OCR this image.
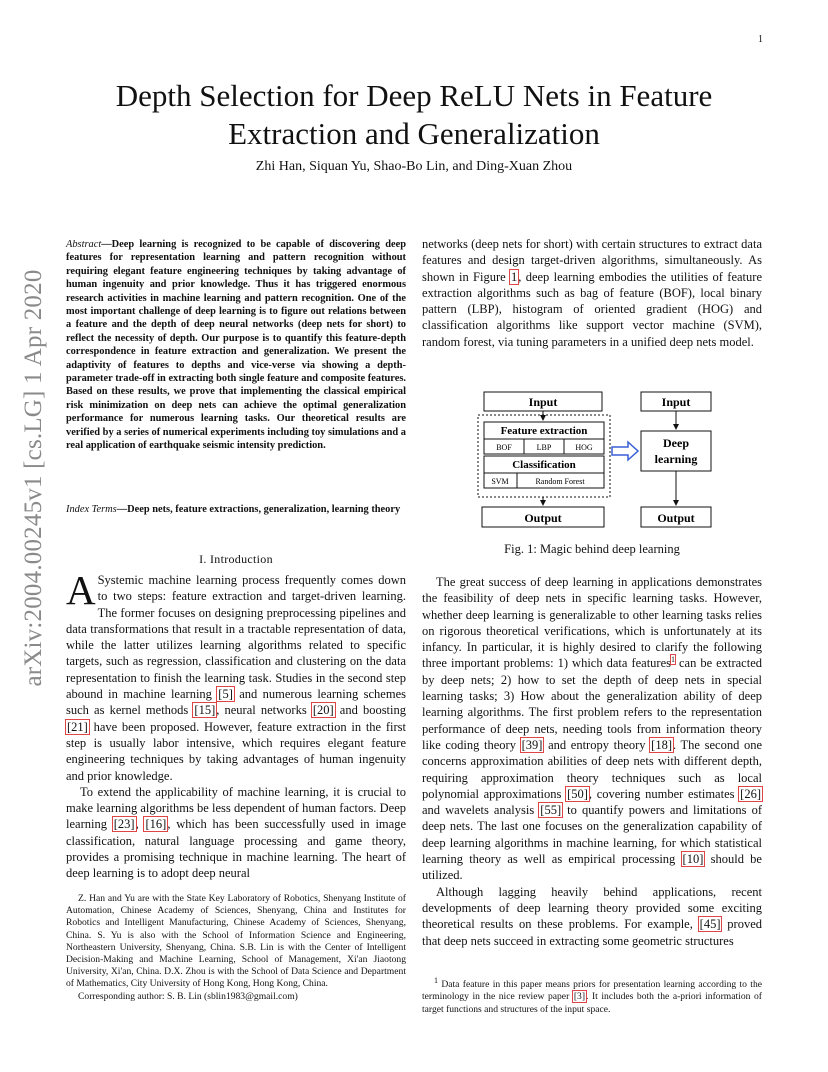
1
arXiv:2004.00245v1 [cs.LG] 1 Apr 2020
Depth Selection for Deep ReLU Nets in Feature Extraction and Generalization
Zhi Han, Siquan Yu, Shao-Bo Lin, and Ding-Xuan Zhou
Abstract—Deep learning is recognized to be capable of discovering deep features for representation learning and pattern recognition without requiring elegant feature engineering techniques by taking advantage of human ingenuity and prior knowledge. Thus it has triggered enormous research activities in machine learning and pattern recognition. One of the most important challenge of deep learning is to figure out relations between a feature and the depth of deep neural networks (deep nets for short) to reflect the necessity of depth. Our purpose is to quantify this feature-depth correspondence in feature extraction and generalization. We present the adaptivity of features to depths and vice-verse via showing a depth-parameter trade-off in extracting both single feature and composite features. Based on these results, we prove that implementing the classical empirical risk minimization on deep nets can achieve the optimal generalization performance for numerous learning tasks. Our theoretical results are verified by a series of numerical experiments including toy simulations and a real application of earthquake seismic intensity prediction.
Index Terms—Deep nets, feature extractions, generalization, learning theory
I. Introduction

A Systemic machine learning process frequently comes down to two steps: feature extraction and target-driven learning. The former focuses on designing preprocessing pipelines and data transformations that result in a tractable representation of data, while the latter utilizes learning algorithms related to specific targets, such as regression, classification and clustering on the data representation to finish the learning task. Studies in the second step abound in machine learning [5] and numerous learning schemes such as kernel methods [15], neural networks [20] and boosting [21] have been proposed. However, feature extraction in the first step is usually labor intensive, which requires elegant feature engineering techniques by taking advantages of human ingenuity and prior knowledge.

To extend the applicability of machine learning, it is crucial to make learning algorithms be less dependent of human factors. Deep learning [23], [16], which has been successfully used in image classification, natural language processing and game theory, provides a promising technique in machine learning. The heart of deep learning is to adopt deep neural

Z. Han and Yu are with the State Key Laboratory of Robotics, Shenyang Institute of Automation, Chinese Academy of Sciences, Shenyang, China and Institutes for Robotics and Intelligent Manufacturing, Chinese Academy of Sciences, Shenyang, China. S. Yu is also with the School of Information Science and Engineering, Northeastern University, Shenyang, China. S.B. Lin is with the Center of Intelligent Decision-Making and Machine Learning, School of Management, Xi'an Jiaotong University, Xi'an, China. D.X. Zhou is with the School of Data Science and Department of Mathematics, City University of Hong Kong, Hong Kong, China.

Corresponding author: S. B. Lin (sblin1983@gmail.com)

networks (deep nets for short) with certain structures to extract data features and design target-driven algorithms, simultaneously. As shown in Figure 1, deep learning embodies the utilities of feature extraction algorithms such as bag of feature (BOF), local binary pattern (LBP), histogram of oriented gradient (HOG) and classification algorithms like support vector machine (SVM), random forest, via tuning parameters in a unified deep nets model.

Input
Feature extraction
BOF	LBP	HOG
Classification
SVM	Random Forest
Output
Input
Deep
learning
Output
Fig. 1: Magic behind deep learning

The great success of deep learning in applications demonstrates the feasibility of deep nets in specific learning tasks. However, whether deep learning is generalizable to other learning tasks relies on rigorous theoretical verifications, which is unfortunately at its infancy. In particular, it is highly desired to clarify the following three important problems: 1) which data features$^1$ can be extracted by deep nets; 2) how to set the depth of deep nets in special learning tasks; 3) How about the generalization ability of deep learning algorithms. The first problem refers to the representation performance of deep nets, needing tools from information theory like coding theory [39] and entropy theory [18]. The second one concerns approximation abilities of deep nets with different depth, requiring approximation theory techniques such as local polynomial approximations [50], covering number estimates [26] and wavelets analysis [55] to quantify powers and limitations of deep nets. The last one focuses on the generalization capability of deep learning algorithms in machine learning, for which statistical learning theory as well as empirical processing [10] should be utilized.

Although lagging heavily behind applications, recent developments of deep learning theory provided some exciting theoretical results on these problems. For example, [45] proved that deep nets succeed in extracting some geometric structures

$^1$ Data feature in this paper means priors for presentation learning according to the terminology in the nice review paper [3]. It includes both the a-priori information of target functions and structures of the input space.
